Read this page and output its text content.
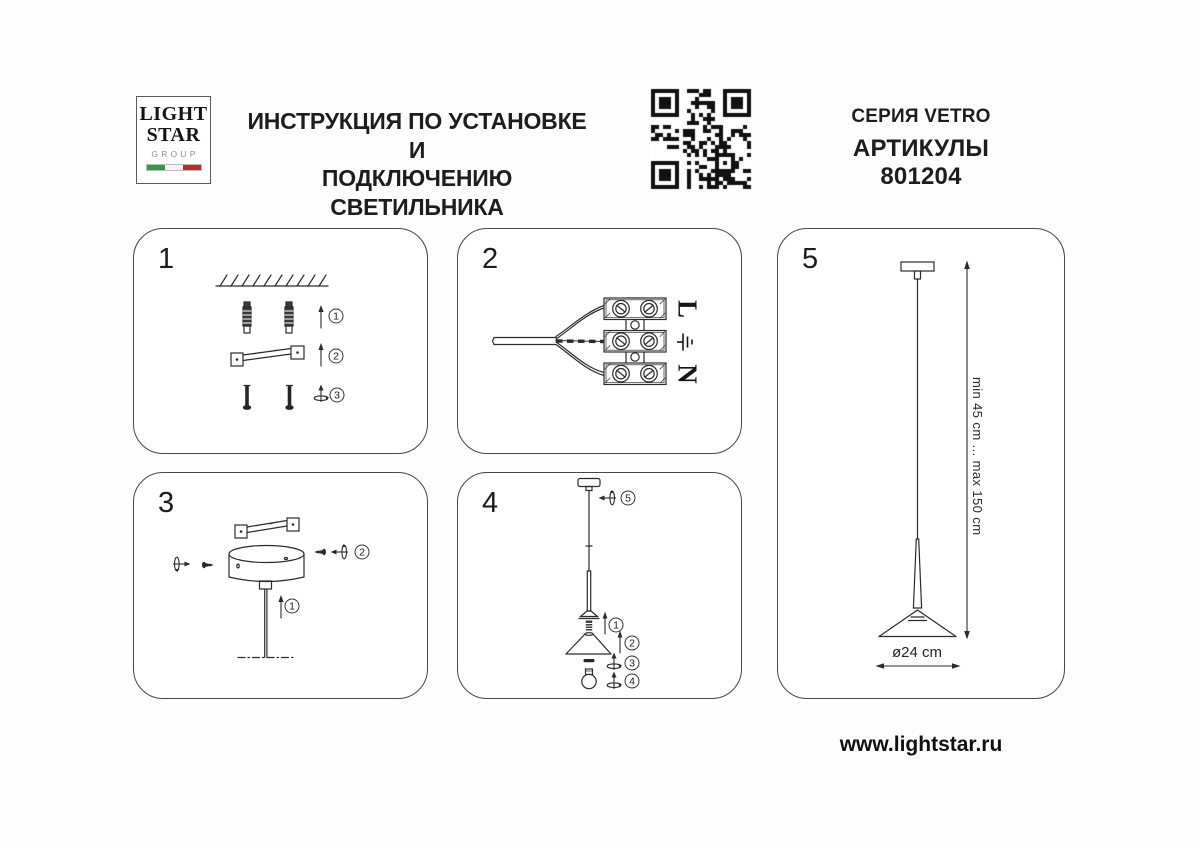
LIGHT
STAR
GROUP
ИНСТРУКЦИЯ ПО УСТАНОВКЕ И
ПОДКЛЮЧЕНИЮ СВЕТИЛЬНИКА
СЕРИЯ VETRO
АРТИКУЛЫ 801204
1
1
2
3
2
L
N
3
1
2
4	5
1
2
3
4
5
min 45 cm ... max 150 cm
ø24 cm
www.lightstar.ru
